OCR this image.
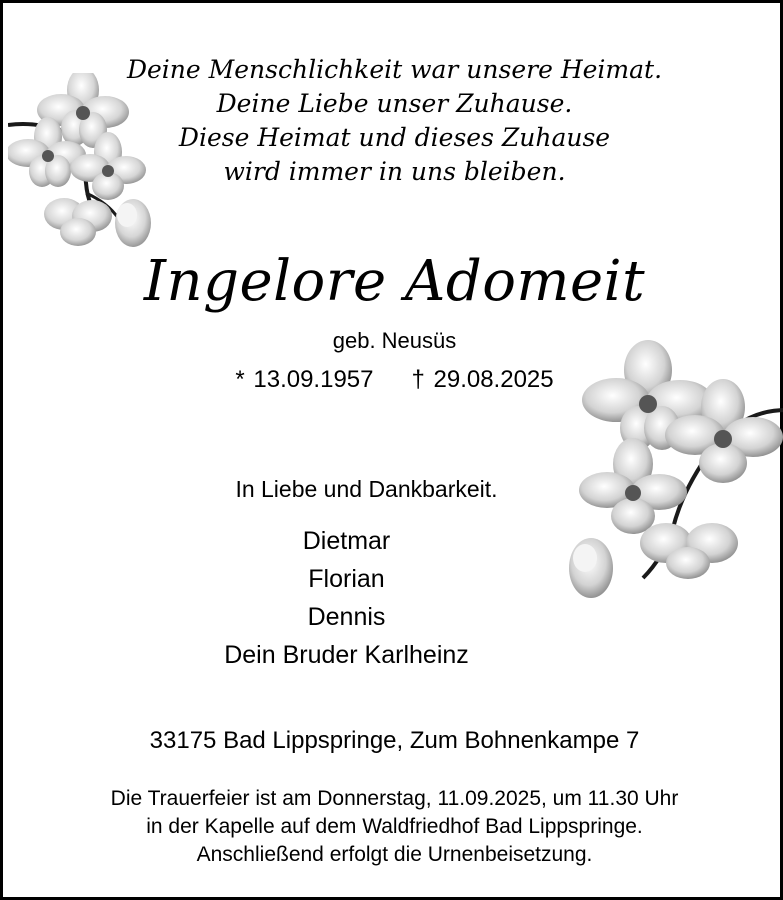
Deine Menschlichkeit war unsere Heimat.
Deine Liebe unser Zuhause.
Diese Heimat und dieses Zuhause
wird immer in uns bleiben.
Ingelore Adomeit
geb. Neusüs
* 13.09.1957 † 29.08.2025
In Liebe und Dankbarkeit.
Dietmar
Florian
Dennis
Dein Bruder Karlheinz
33175 Bad Lippspringe, Zum Bohnenkampe 7
Die Trauerfeier ist am Donnerstag, 11.09.2025, um 11.30 Uhr
in der Kapelle auf dem Waldfriedhof Bad Lippspringe.
Anschließend erfolgt die Urnenbeisetzung.
